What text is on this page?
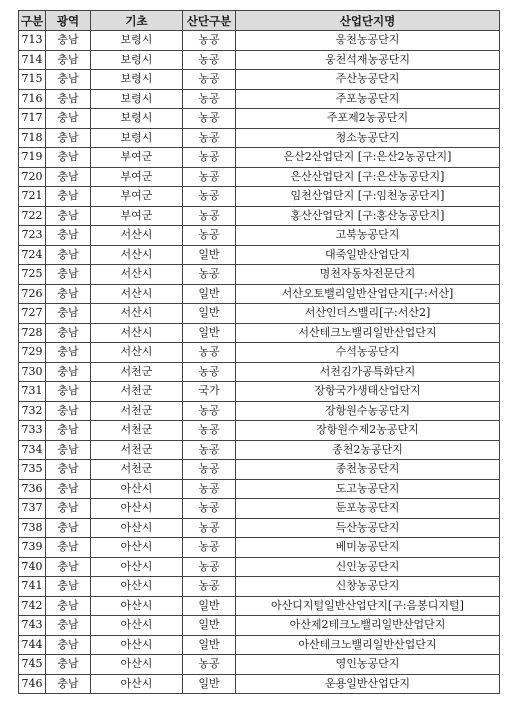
구분	광역	기초	산단구분	산업단지명
713	충남	보령시	농공	웅천농공단지
714	충남	보령시	농공	웅천석재농공단지
715	충남	보령시	농공	주산농공단지
716	충남	보령시	농공	주포농공단지
717	충남	보령시	농공	주포제2농공단지
718	충남	보령시	농공	청소농공단지
719	충남	부여군	농공	은산2산업단지 [구:은산2농공단지]
720	충남	부여군	농공	은산산업단지 [구:은산농공단지]
721	충남	부여군	농공	임천산업단지 [구:임천농공단지]
722	충남	부여군	농공	홍산산업단지 [구:홍산농공단지]
723	충남	서산시	농공	고북농공단지
724	충남	서산시	일반	대죽일반산업단지
725	충남	서산시	농공	명천자동차전문단지
726	충남	서산시	일반	서산오토밸리일반산업단지[구:서산]
727	충남	서산시	일반	서산인더스밸리[구:서산2]
728	충남	서산시	일반	서산테크노밸리일반산업단지
729	충남	서산시	농공	수석농공단지
730	충남	서천군	농공	서천김가공특화단지
731	충남	서천군	국가	장항국가생태산업단지
732	충남	서천군	농공	장항원수농공단지
733	충남	서천군	농공	장항원수제2농공단지
734	충남	서천군	농공	종천2농공단지
735	충남	서천군	농공	종천농공단지
736	충남	아산시	농공	도고농공단지
737	충남	아산시	농공	둔포농공단지
738	충남	아산시	농공	득산농공단지
739	충남	아산시	농공	베미농공단지
740	충남	아산시	농공	신인농공단지
741	충남	아산시	농공	신창농공단지
742	충남	아산시	일반	아산디지털일반산업단지[구:음봉디지털]
743	충남	아산시	일반	아산제2테크노밸리일반산업단지
744	충남	아산시	일반	아산테크노밸리일반산업단지
745	충남	아산시	농공	영인농공단지
746	충남	아산시	일반	운용일반산업단지
